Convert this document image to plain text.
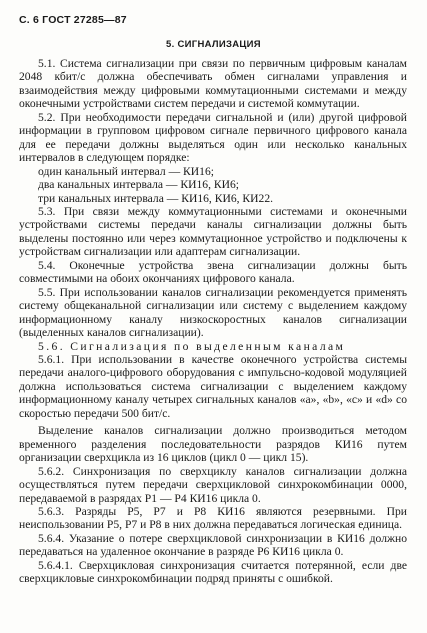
С. 6 ГОСТ 27285—87
5. СИГНАЛИЗАЦИЯ

5.1. Система сигнализации при связи по первичным цифровым каналам 2048 кбит/с должна обеспечивать обмен сигналами управления и взаимодействия между цифровыми коммутационными системами и между оконечными устройствами систем передачи и системой коммутации.

5.2. При необходимости передачи сигнальной и (или) другой цифровой информации в групповом цифровом сигнале первичного цифрового канала для ее передачи должны выделяться один или несколько канальных интервалов в следующем порядке:

один канальный интервал — КИ16;

два канальных интервала — КИ16, КИ6;

три канальных интервала — КИ16, КИ6, КИ22.

5.3. При связи между коммутационными системами и оконечными устройствами системы передачи каналы сигнализации должны быть выделены постоянно или через коммутационное устройство и подключены к устройствам сигнализации или адаптерам сигнализации.

5.4. Оконечные устройства звена сигнализации должны быть совместимыми на обоих окончаниях цифрового канала.

5.5. При использовании каналов сигнализации рекомендуется применять систему общеканальной сигнализации или систему с выделением каждому информационному каналу низкоскоростных каналов сигнализации (выделенных каналов сигнализации).

5.6. Сигнализация по выделенным каналам

5.6.1. При использовании в качестве оконечного устройства системы передачи аналого-цифрового оборудования с импульсно-кодовой модуляцией должна использоваться система сигнализации с выделением каждому информационному каналу четырех сигнальных каналов «a», «b», «c» и «d» со скоростью передачи 500 бит/с.

Выделение каналов сигнализации должно производиться методом временного разделения последовательности разрядов КИ16 путем организации сверхцикла из 16 циклов (цикл 0 — цикл 15).

5.6.2. Синхронизация по сверхциклу каналов сигнализации должна осуществляться путем передачи сверхцикловой синхрокомбинации 0000, передаваемой в разрядах Р1 — Р4 КИ16 цикла 0.

5.6.3. Разряды Р5, Р7 и Р8 КИ16 являются резервными. При неиспользовании Р5, Р7 и Р8 в них должна передаваться логическая единица.

5.6.4. Указание о потере сверхцикловой синхронизации в КИ16 должно передаваться на удаленное окончание в разряде Р6 КИ16 цикла 0.

5.6.4.1. Сверхцикловая синхронизация считается потерянной, если две сверхцикловые синхрокомбинации подряд приняты с ошибкой.
